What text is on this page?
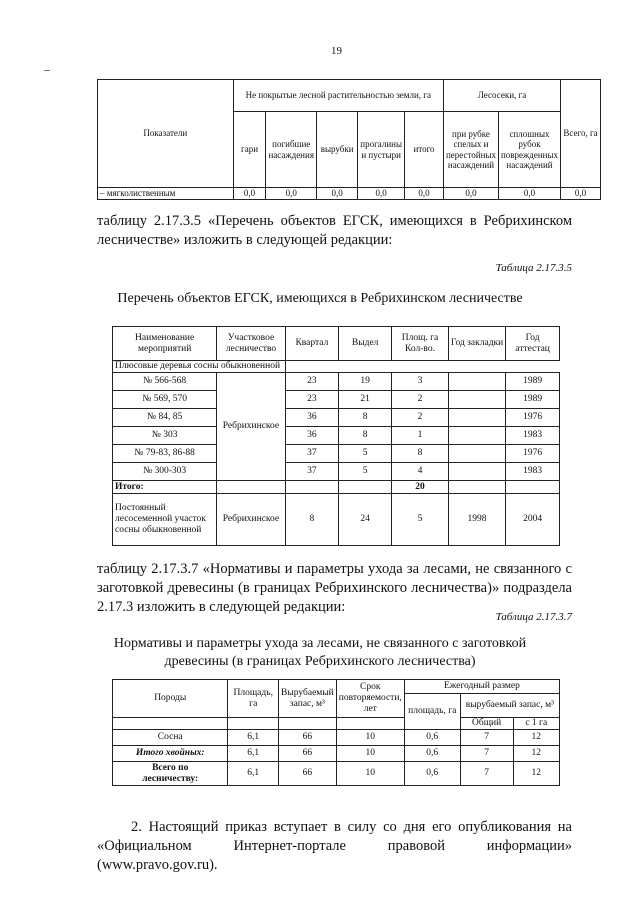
19
Показатели	Не покрытые лесной растительностью земли, га					Лесосеки, га		Всего, га
	гари	погибшие насаждения	вырубки	прогалины и пустыри	итого	при рубке спелых и перестойных насаждений	сплошных рубок поврежденных насаждений	
– мягколиственным	0,0	0,0	0,0	0,0	0,0	0,0	0,0	0,0
таблицу 2.17.3.5 «Перечень объектов ЕГСК, имеющихся в Ребрихинском лесничестве» изложить в следующей редакции:
Таблица 2.17.3.5
Перечень объектов ЕГСК, имеющихся в Ребрихинском лесничестве
Наименование мероприятий	Участковое лесничество	Квартал	Выдел	Площ. га Кол-во.	Год закладки	Год аттестац
Плюсовые деревья сосны обыкновенной						
№ 566-568	Ребрихинское	23	19	3		1989
№ 569, 570		23	21	2		1989
№ 84, 85		36	8	2		1976
№ 303		36	8	1		1983
№ 79-83, 86-88		37	5	8		1976
№ 300-303		37	5	4		1983
Итого:				20		
Постоянный лесосеменной участок сосны обыкновенной	Ребрихинское	8	24	5	1998	2004
таблицу 2.17.3.7 «Нормативы и параметры ухода за лесами, не связанного с заготовкой древесины (в границах Ребрихинского лесничества)» подраздела 2.17.3 изложить в следующей редакции:
Таблица 2.17.3.7
Нормативы и параметры ухода за лесами, не связанного с заготовкой
древесины (в границах Ребрихинского лесничества)
Породы	Площадь, га	Вырубаемый запас, м³	Срок повторяемости, лет	Ежегодный размер		
				площадь, га	вырубаемый запас, м³	
					Общий	с 1 га
Сосна	6,1	66	10	0,6	7	12
Итого хвойных:	6,1	66	10	0,6	7	12
Всего по лесничеству:	6,1	66	10	0,6	7	12
2. Настоящий приказ вступает в силу со дня его опубликования на «Официальном Интернет-портале правовой информации» (www.pravo.gov.ru).
